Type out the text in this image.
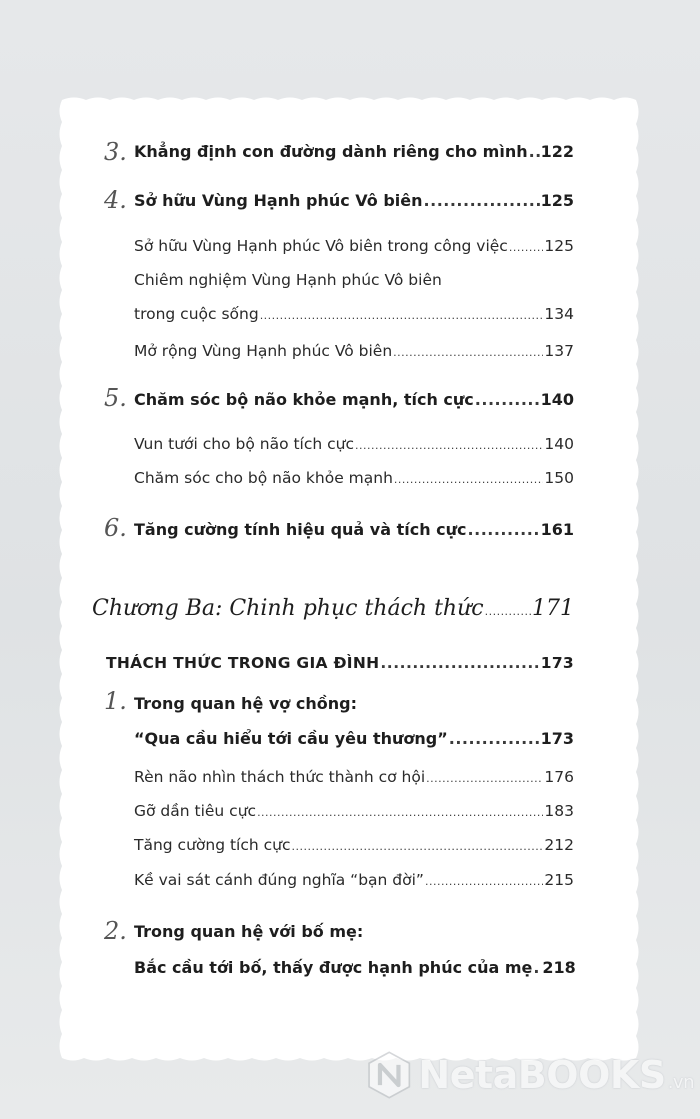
3. Khẳng định con đường dành riêng cho mình ..... 122
4. Sở hữu Vùng Hạnh phúc Vô biên .....	125
Sở hữu Vùng Hạnh phúc Vô biên trong công việc ..... 125
Chiêm nghiệm Vùng Hạnh phúc Vô biên
trong cuộc sống .....	134
Mở rộng Vùng Hạnh phúc Vô biên .....	137
5. Chăm sóc bộ não khỏe mạnh, tích cực .....	140
Vun tưới cho bộ não tích cực .....	140
Chăm sóc cho bộ não khỏe mạnh .....	150
6. Tăng cường tính hiệu quả và tích cực .....	161
Chương Ba: Chinh phục thách thức ..... 171
THÁCH THỨC TRONG GIA ĐÌNH .....	173
1. Trong quan hệ vợ chồng:
“Qua cầu hiểu tới cầu yêu thương” .....	173
Rèn não nhìn thách thức thành cơ hội .....	176
Gỡ dần tiêu cực .....	183
Tăng cường tích cực .....	212
Kề vai sát cánh đúng nghĩa “bạn đời” .....	215
2. Trong quan hệ với bố mẹ:
Bắc cầu tới bố, thấy được hạnh phúc của mẹ ..... 218
NetaBOOKS .vn
